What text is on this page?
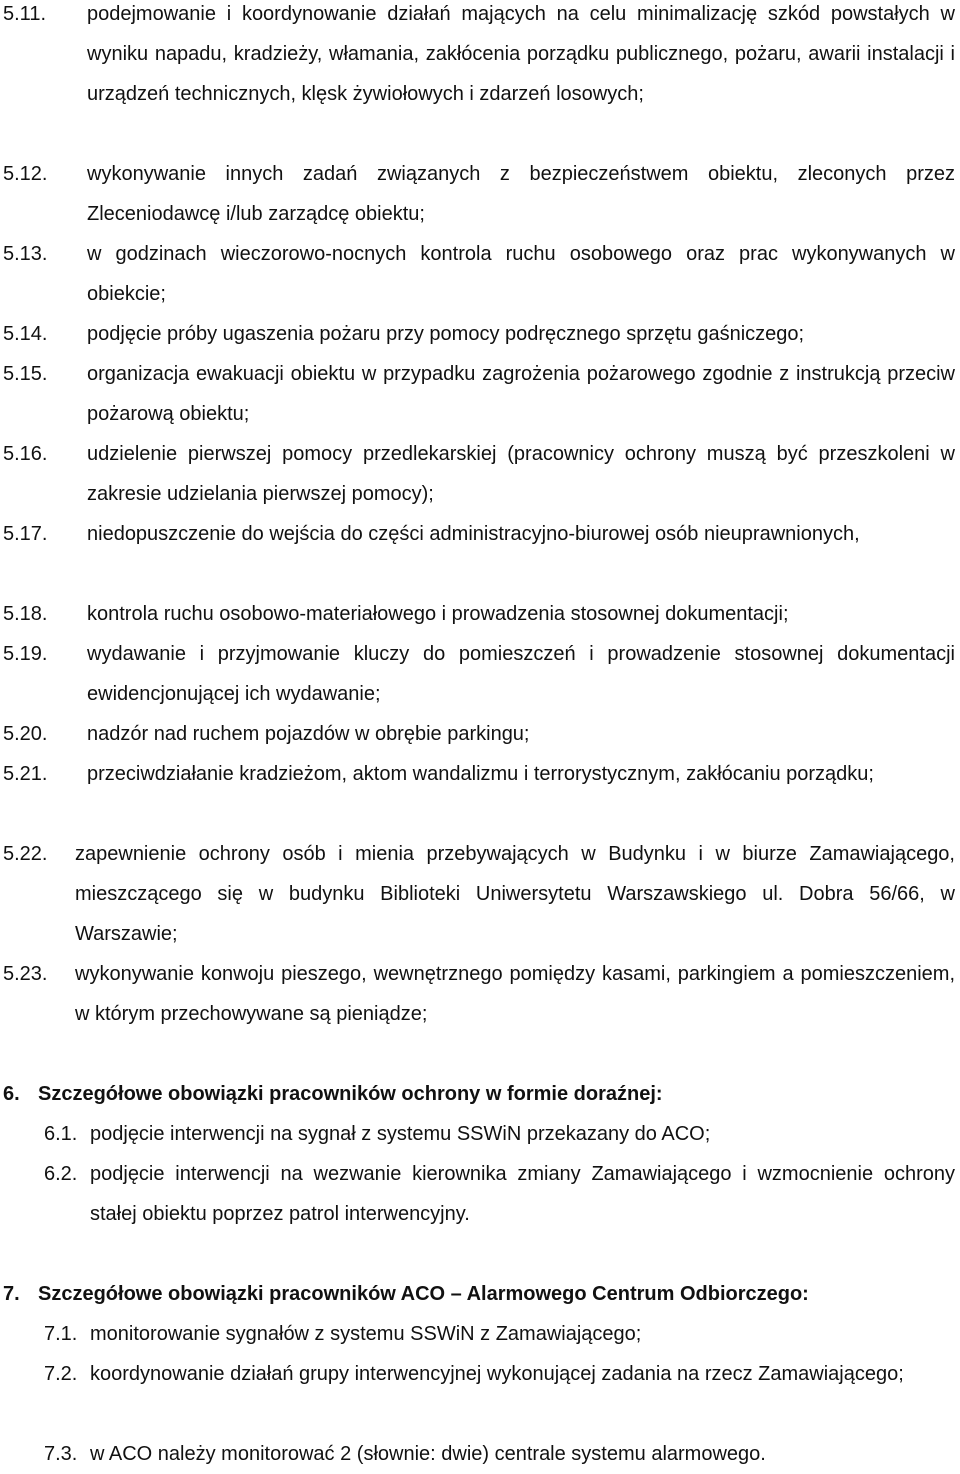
5.11.	podejmowanie i koordynowanie działań mających na celu minimalizację szkód powstałych w wyniku napadu, kradzieży, włamania, zakłócenia porządku publicznego, pożaru, awarii instalacji i urządzeń technicznych, klęsk żywiołowych i zdarzeń losowych;
5.12.	wykonywanie innych zadań związanych z bezpieczeństwem obiektu, zleconych przez Zleceniodawcę i/lub zarządcę obiektu;
5.13.	w godzinach wieczorowo-nocnych kontrola ruchu osobowego oraz prac wykonywanych w obiekcie;
5.14.	podjęcie próby ugaszenia pożaru przy pomocy podręcznego sprzętu gaśniczego;
5.15.	organizacja ewakuacji obiektu w przypadku zagrożenia pożarowego zgodnie z instrukcją przeciw pożarową obiektu;
5.16.	udzielenie pierwszej pomocy przedlekarskiej (pracownicy ochrony muszą być przeszkoleni w zakresie udzielania pierwszej pomocy);
5.17.	niedopuszczenie do wejścia do części administracyjno-biurowej osób nieuprawnionych,
5.18.	kontrola ruchu osobowo-materiałowego i prowadzenia stosownej dokumentacji;
5.19.	wydawanie i przyjmowanie kluczy do pomieszczeń i prowadzenie stosownej dokumentacji ewidencjonującej ich wydawanie;
5.20.	nadzór nad ruchem pojazdów w obrębie parkingu;
5.21.	przeciwdziałanie kradzieżom, aktom wandalizmu i terrorystycznym, zakłócaniu porządku;
5.22.	zapewnienie ochrony osób i mienia przebywających w Budynku i w biurze Zamawiającego, mieszczącego się w budynku Biblioteki Uniwersytetu Warszawskiego ul. Dobra 56/66, w Warszawie;
5.23.	wykonywanie konwoju pieszego, wewnętrznego pomiędzy kasami, parkingiem a pomieszczeniem, w którym przechowywane są pieniądze;
6. Szczegółowe obowiązki pracowników ochrony w formie doraźnej:
6.1. podjęcie interwencji na sygnał z systemu SSWiN przekazany do ACO;
6.2. podjęcie interwencji na wezwanie kierownika zmiany Zamawiającego i wzmocnienie ochrony stałej obiektu poprzez patrol interwencyjny.
7. Szczegółowe obowiązki pracowników ACO – Alarmowego Centrum Odbiorczego:
7.1. monitorowanie sygnałów z systemu SSWiN z Zamawiającego;
7.2. koordynowanie działań grupy interwencyjnej wykonującej zadania na rzecz Zamawiającego;
7.3. w ACO należy monitorować 2 (słownie: dwie) centrale systemu alarmowego.
